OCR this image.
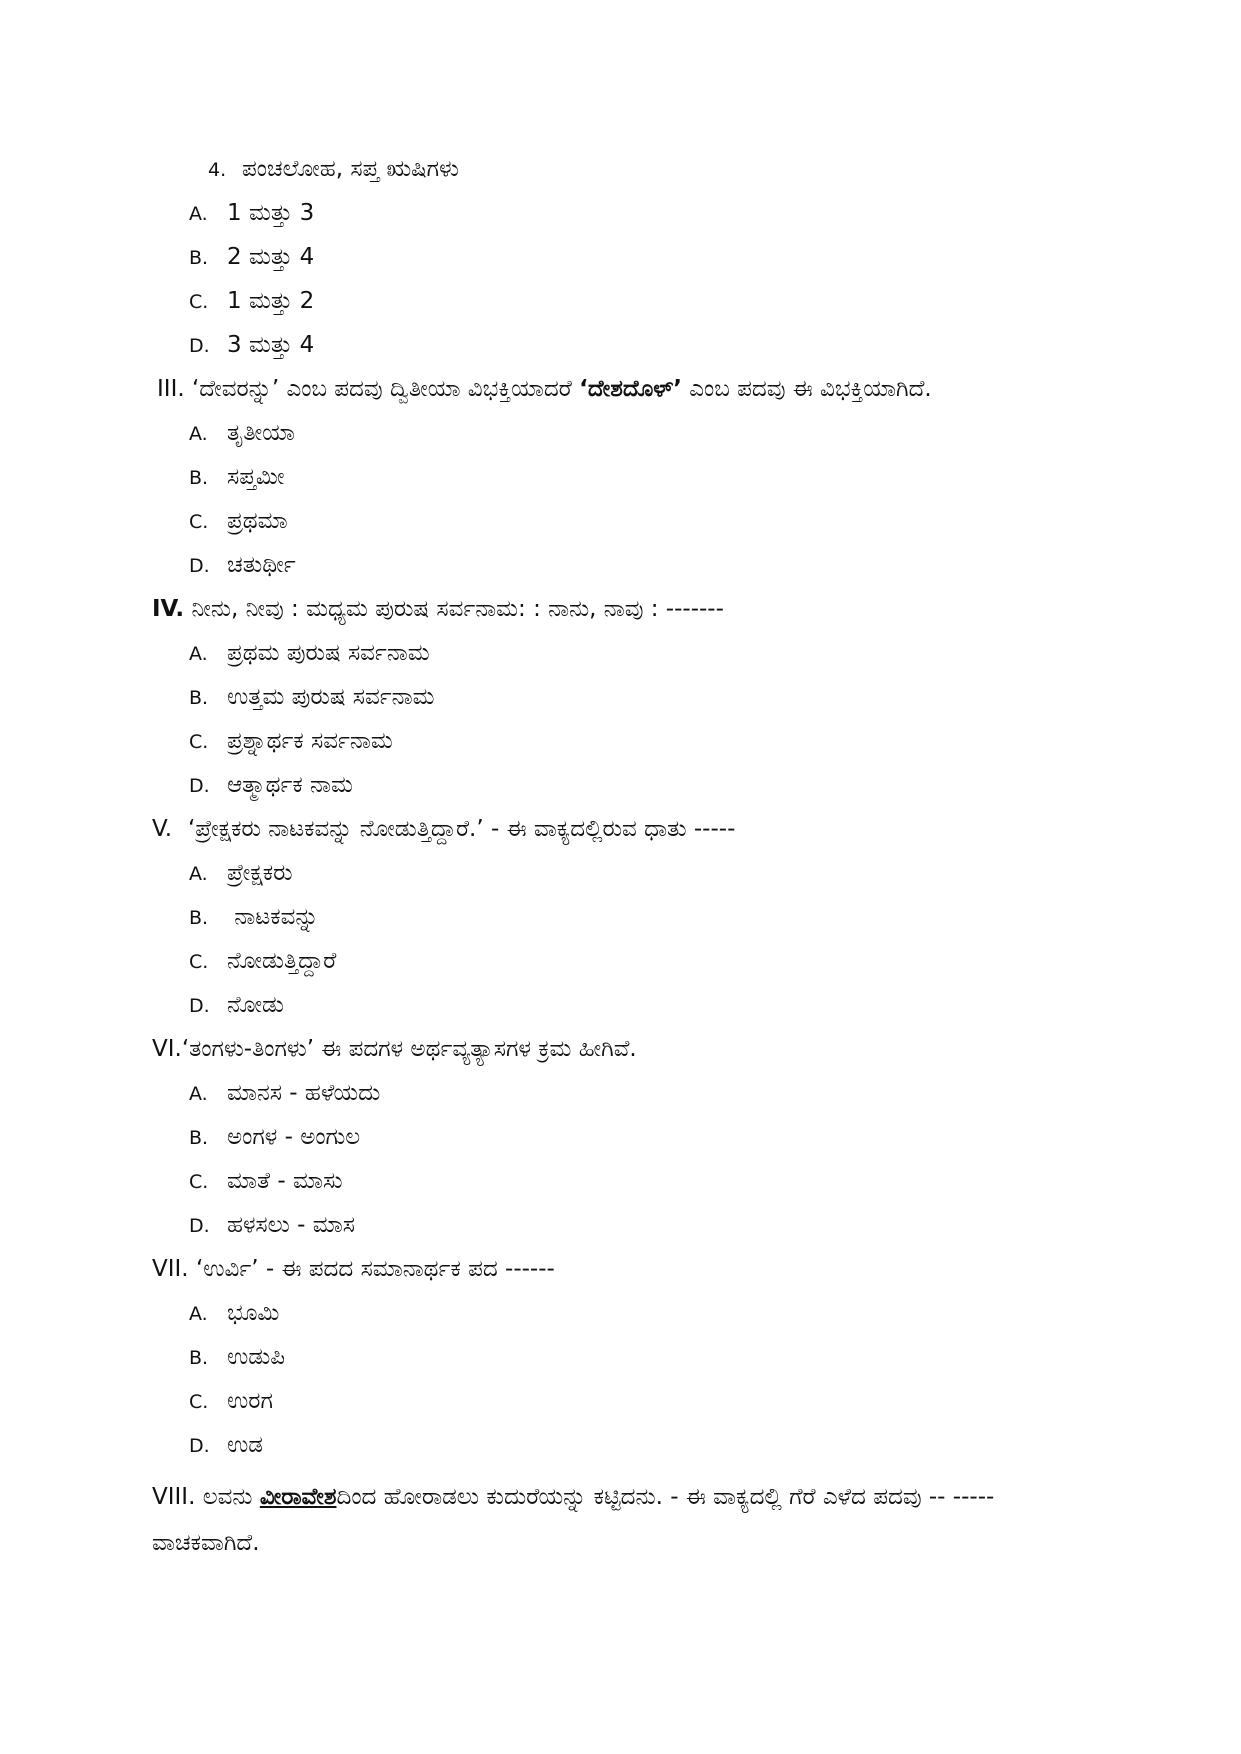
4. ಪಂಚಲೋಹ, ಸಪ್ತ ಋಷಿಗಳು
A. 1 ಮತ್ತು 3
B. 2 ಮತ್ತು 4
C. 1 ಮತ್ತು 2
D. 3 ಮತ್ತು 4
III. ‘ದೇವರನ್ನು’ ಎಂಬ ಪದವು ದ್ವಿತೀಯಾ ವಿಭಕ್ತಿಯಾದರೆ ‘ದೇಶದೊಳ್’ ಎಂಬ ಪದವು ಈ ವಿಭಕ್ತಿಯಾಗಿದೆ.
A. ತೃತೀಯಾ
B. ಸಪ್ತಮೀ
C. ಪ್ರಥಮಾ
D. ಚತುರ್ಥೀ
IV. ನೀನು, ನೀವು : ಮಧ್ಯಮ ಪುರುಷ ಸರ್ವನಾಮ: : ನಾನು, ನಾವು : -------
A. ಪ್ರಥಮ ಪುರುಷ ಸರ್ವನಾಮ
B. ಉತ್ತಮ ಪುರುಷ ಸರ್ವನಾಮ
C. ಪ್ರಶ್ನಾರ್ಥಕ ಸರ್ವನಾಮ
D. ಆತ್ಮಾರ್ಥಕ ನಾಮ
V. ‘ಪ್ರೇಕ್ಷಕರು ನಾಟಕವನ್ನು ನೋಡುತ್ತಿದ್ದಾರೆ.’ - ಈ ವಾಕ್ಯದಲ್ಲಿರುವ ಧಾತು -----
A. ಪ್ರೇಕ್ಷಕರು
B. ನಾಟಕವನ್ನು
C. ನೋಡುತ್ತಿದ್ದಾರೆ
D. ನೋಡು
VI.‘ತಂಗಳು-ತಿಂಗಳು’ ಈ ಪದಗಳ ಅರ್ಥವ್ಯತ್ಯಾಸಗಳ ಕ್ರಮ ಹೀಗಿವೆ.
A. ಮಾನಸ - ಹಳೆಯದು
B. ಅಂಗಳ - ಅಂಗುಲ
C. ಮಾತೆ - ಮಾಸು
D. ಹಳಸಲು - ಮಾಸ
VII. ‘ಉರ್ವಿ’ - ಈ ಪದದ ಸಮಾನಾರ್ಥಕ ಪದ ------
A. ಭೂಮಿ
B. ಉಡುಪಿ
C. ಉರಗ
D. ಉಡ
VIII. ಲವನು ವೀರಾವೇಶದಿಂದ ಹೋರಾಡಲು ಕುದುರೆಯನ್ನು ಕಟ್ಟಿದನು. - ಈ ವಾಕ್ಯದಲ್ಲಿ ಗೆರೆ ಎಳೆದ ಪದವು -- ----- ವಾಚಕವಾಗಿದೆ.
